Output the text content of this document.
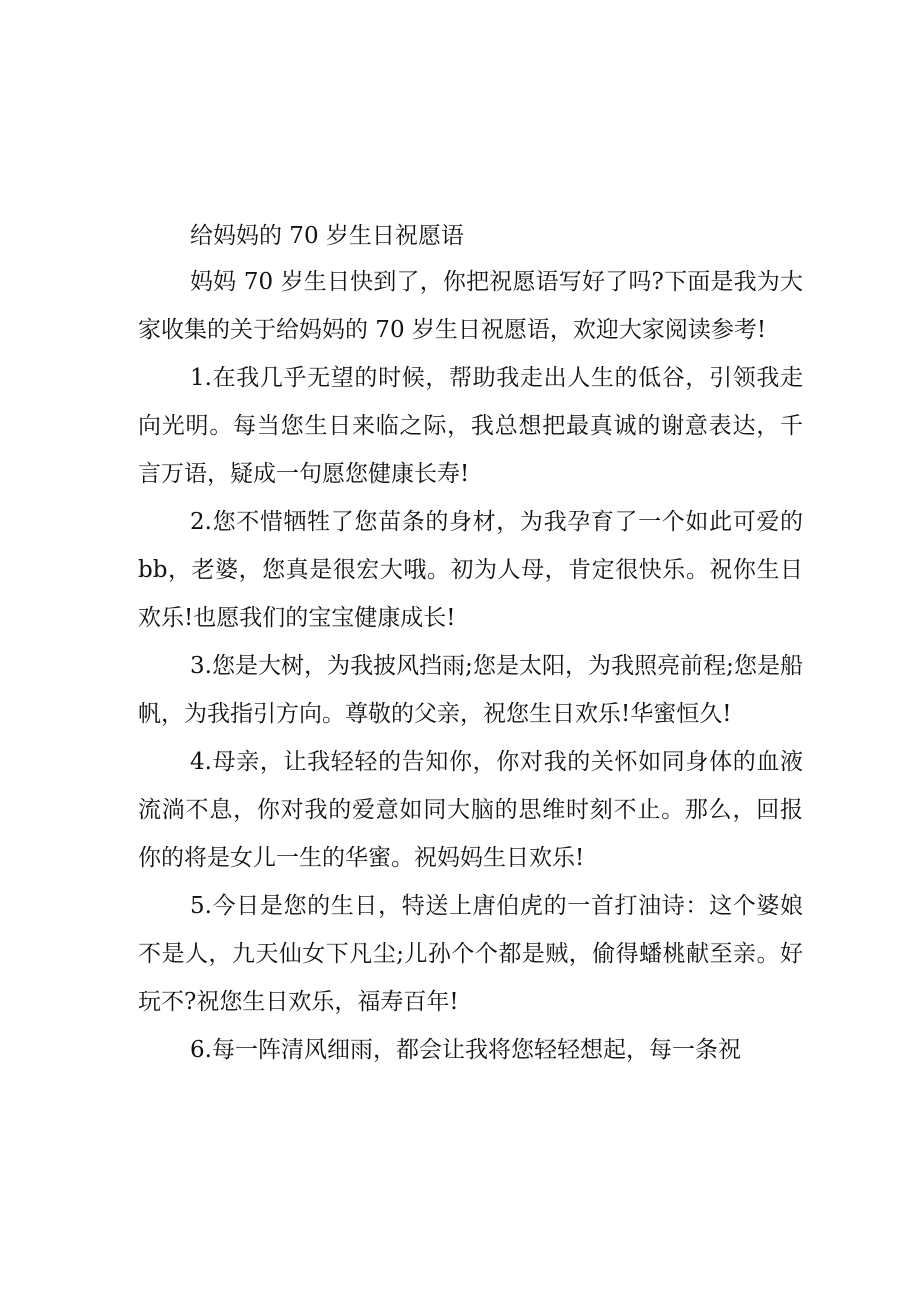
给妈妈的 70 岁生日祝愿语

妈妈 70 岁生日快到了，你把祝愿语写好了吗?下面是我为大家收集的关于给妈妈的 70 岁生日祝愿语，欢迎大家阅读参考!

1.在我几乎无望的时候，帮助我走出人生的低谷，引领我走向光明。每当您生日来临之际，我总想把最真诚的谢意表达，千言万语，疑成一句愿您健康长寿!

2.您不惜牺牲了您苗条的身材，为我孕育了一个如此可爱的 bb，老婆，您真是很宏大哦。初为人母，肯定很快乐。祝你生日欢乐!也愿我们的宝宝健康成长!

3.您是大树，为我披风挡雨;您是太阳，为我照亮前程;您是船帆，为我指引方向。尊敬的父亲，祝您生日欢乐!华蜜恒久!

4.母亲，让我轻轻的告知你，你对我的关怀如同身体的血液流淌不息，你对我的爱意如同大脑的思维时刻不止。那么，回报你的将是女儿一生的华蜜。祝妈妈生日欢乐!

5.今日是您的生日，特送上唐伯虎的一首打油诗：这个婆娘不是人，九天仙女下凡尘;儿孙个个都是贼，偷得蟠桃献至亲。好玩不?祝您生日欢乐，福寿百年!

6.每一阵清风细雨，都会让我将您轻轻想起，每一条祝
